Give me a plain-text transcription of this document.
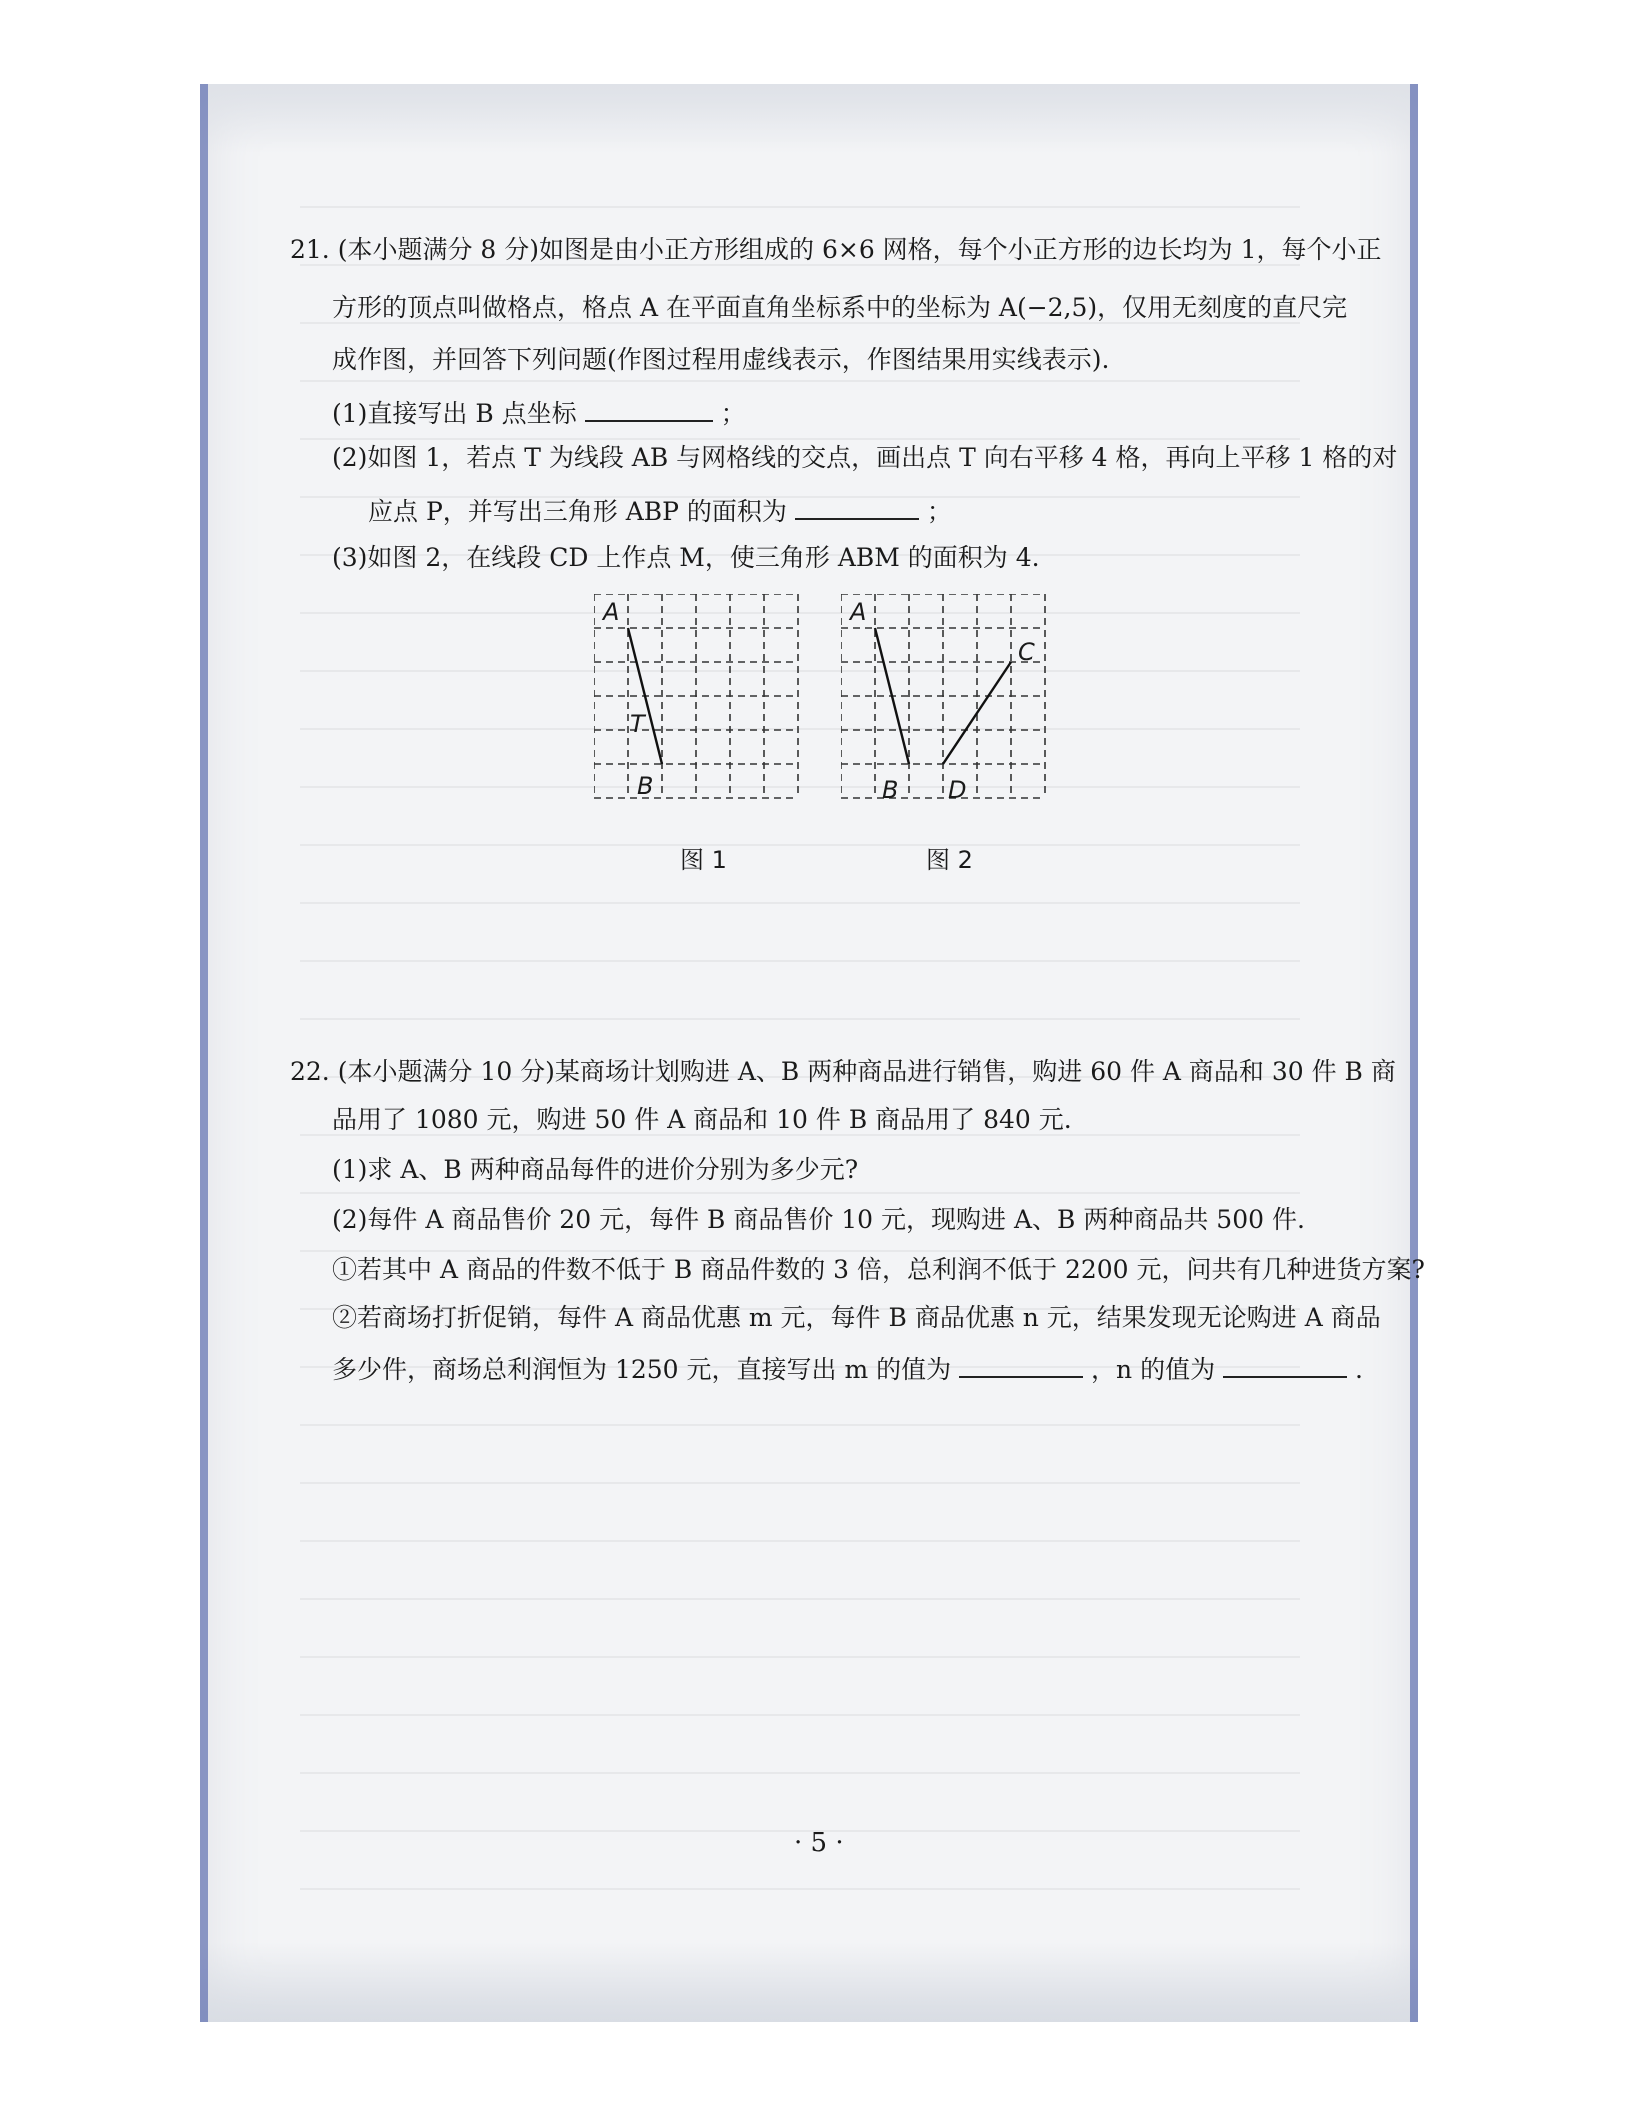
21. (本小题满分 8 分)如图是由小正方形组成的 6×6 网格，每个小正方形的边长均为 1，每个小正
方形的顶点叫做格点，格点 A 在平面直角坐标系中的坐标为 A(−2,5)，仅用无刻度的直尺完
成作图，并回答下列问题(作图过程用虚线表示，作图结果用实线表示).
(1)直接写出 B 点坐标	；
(2)如图 1，若点 T 为线段 AB 与网格线的交点，画出点 T 向右平移 4 格，再向上平移 1 格的对
应点 P，并写出三角形 ABP 的面积为	；
(3)如图 2，在线段 CD 上作点 M，使三角形 ABM 的面积为 4.
A
T
B
图 1
A
C
B D
图 2
22. (本小题满分 10 分)某商场计划购进 A、B 两种商品进行销售，购进 60 件 A 商品和 30 件 B 商
品用了 1080 元，购进 50 件 A 商品和 10 件 B 商品用了 840 元.
(1)求 A、B 两种商品每件的进价分别为多少元?
(2)每件 A 商品售价 20 元，每件 B 商品售价 10 元，现购进 A、B 两种商品共 500 件.
①若其中 A 商品的件数不低于 B 商品件数的 3 倍，总利润不低于 2200 元，问共有几种进货方案?
②若商场打折促销，每件 A 商品优惠 m 元，每件 B 商品优惠 n 元，结果发现无论购进 A 商品
多少件，商场总利润恒为 1250 元，直接写出 m 的值为	，n 的值为	.
· 5 ·
